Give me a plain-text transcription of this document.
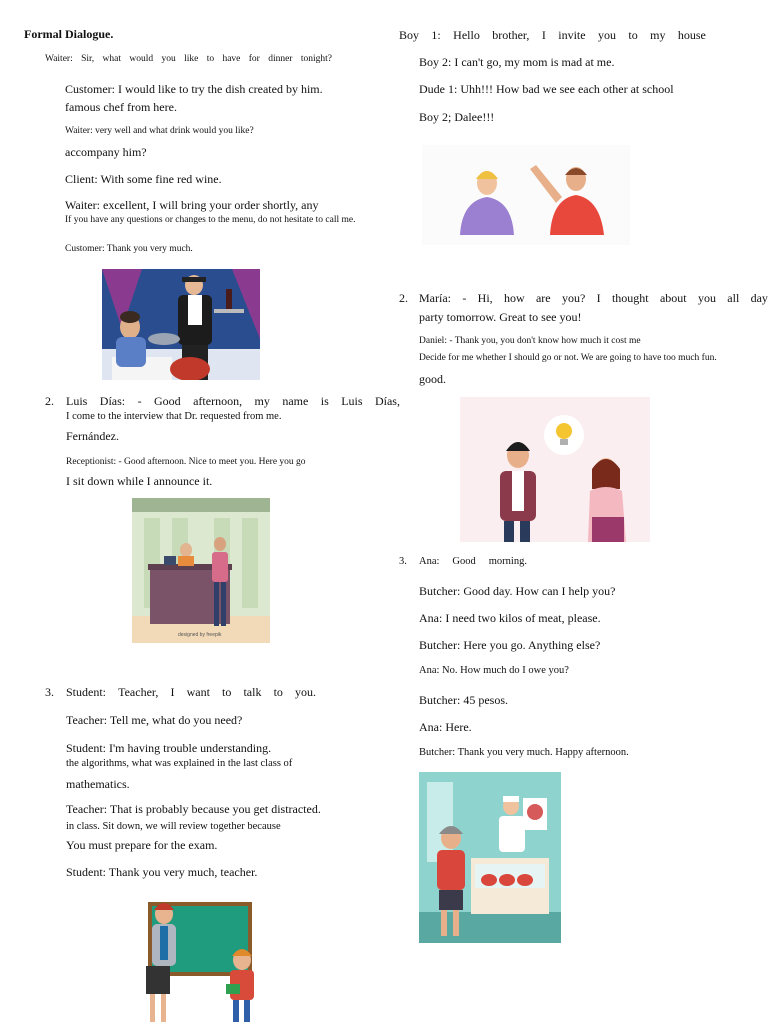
Formal Dialogue.
Waiter: Sir, what would you like to have for dinner tonight?
Customer: I would like to try the dish created by him.
famous chef from here.
Waiter: very well and what drink would you like?
accompany him?
Client: With some fine red wine.
Waiter: excellent, I will bring your order shortly, any
If you have any questions or changes to the menu, do not hesitate to call me.
Customer: Thank you very much.
2. Luis Días: - Good afternoon, my name is Luis Días,
I come to the interview that Dr. requested from me.
Fernández.
Receptionist: - Good afternoon. Nice to meet you. Here you go
I sit down while I announce it.
designed by freepik
3. Student: Teacher, I want to talk to you.
Teacher: Tell me, what do you need?
Student: I'm having trouble understanding.
the algorithms, what was explained in the last class of
mathematics.
Teacher: That is probably because you get distracted.
in class. Sit down, we will review together because
You must prepare for the exam.
Student: Thank you very much, teacher.
Boy 1: Hello brother, I invite you to my house
Boy 2: I can't go, my mom is mad at me.
Dude 1: Uhh!!! How bad we see each other at school
Boy 2; Dalee!!!
2. María: - Hi, how are you? I thought about you all day
party tomorrow. Great to see you!
Daniel: - Thank you, you don't know how much it cost me
Decide for me whether I should go or not. We are going to have too much fun.
good.
3. Ana: Good morning.
Butcher: Good day. How can I help you?
Ana: I need two kilos of meat, please.
Butcher: Here you go. Anything else?
Ana: No. How much do I owe you?
Butcher: 45 pesos.
Ana: Here.
Butcher: Thank you very much. Happy afternoon.
